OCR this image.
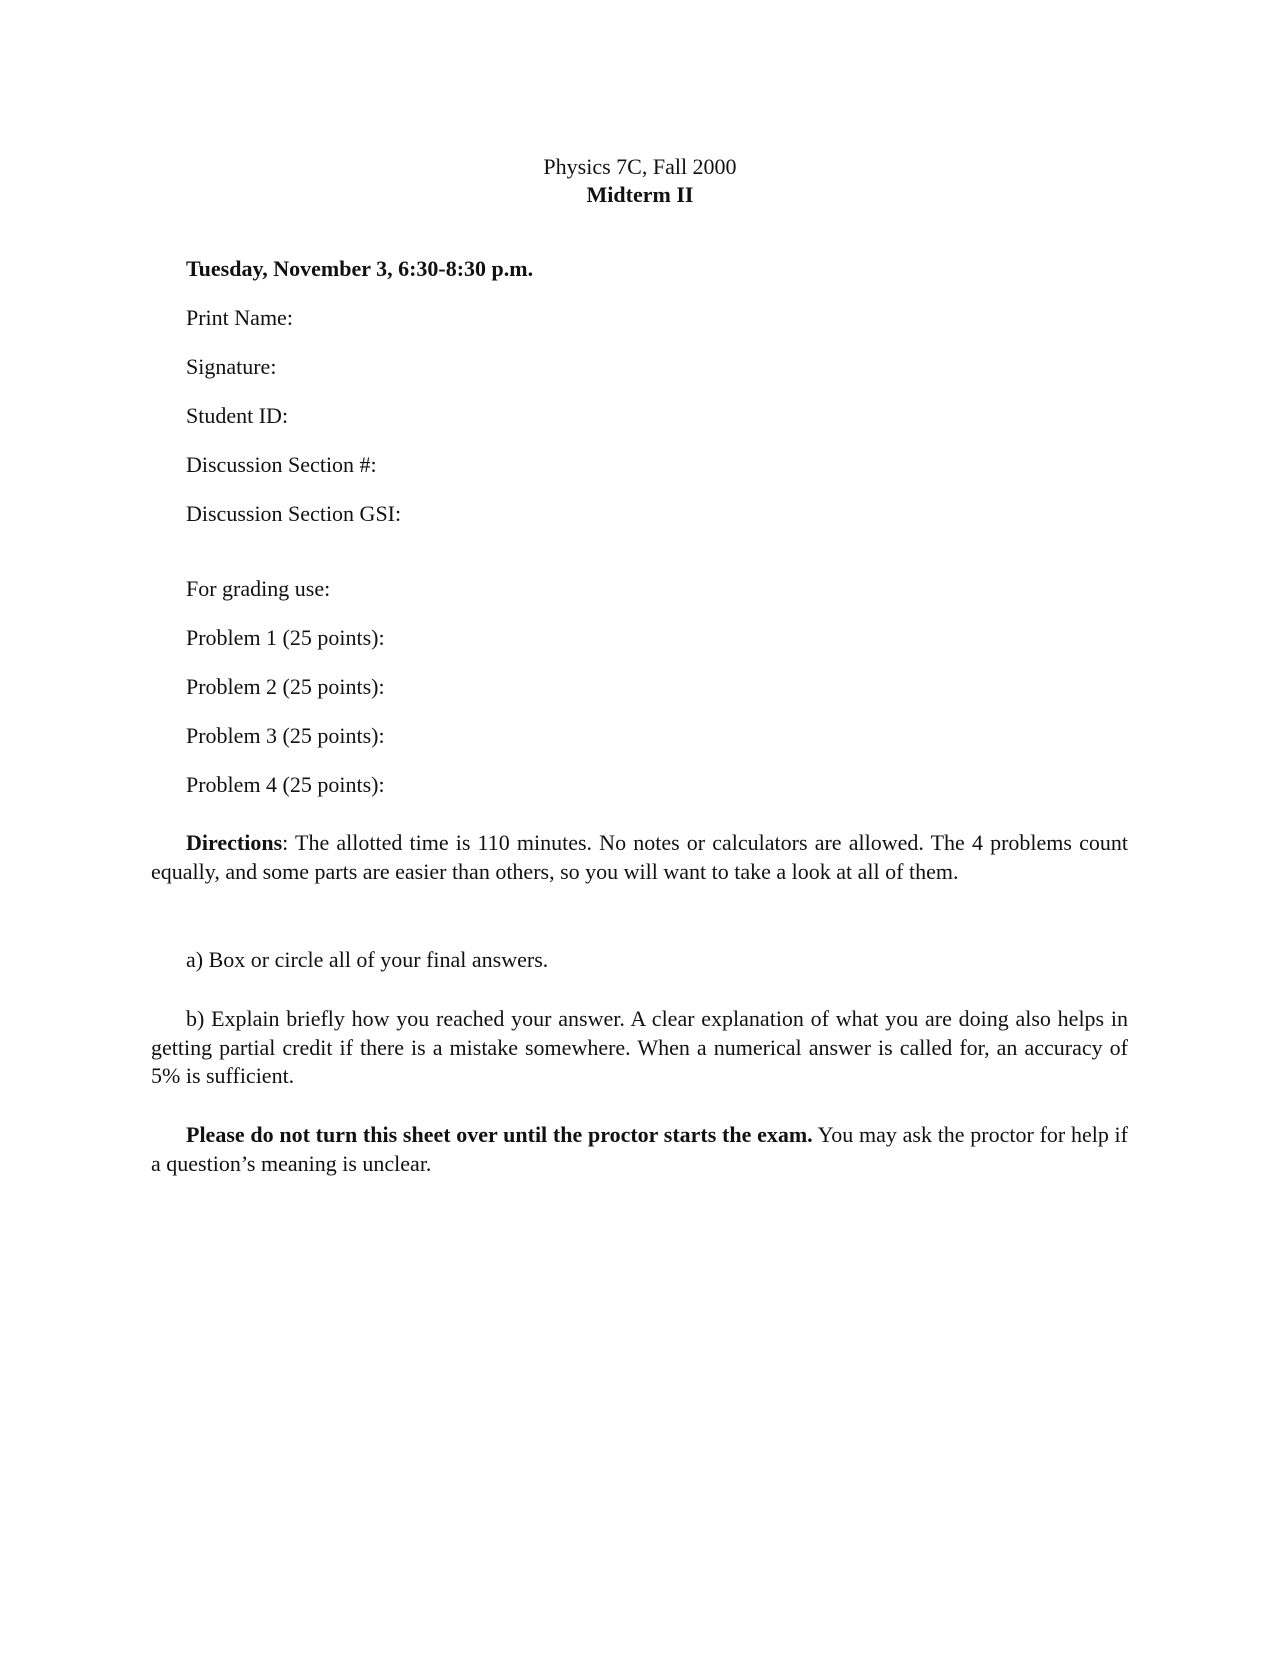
Physics 7C, Fall 2000
Midterm II
Tuesday, November 3, 6:30-8:30 p.m.
Print Name:
Signature:
Student ID:
Discussion Section #:
Discussion Section GSI:
For grading use:
Problem 1 (25 points):
Problem 2 (25 points):
Problem 3 (25 points):
Problem 4 (25 points):
Directions: The allotted time is 110 minutes. No notes or calculators are allowed. The 4 problems count equally, and some parts are easier than others, so you will want to take a look at all of them.
a) Box or circle all of your final answers.
b) Explain briefly how you reached your answer. A clear explanation of what you are doing also helps in getting partial credit if there is a mistake somewhere. When a numerical answer is called for, an accuracy of 5% is sufficient.
Please do not turn this sheet over until the proctor starts the exam. You may ask the proctor for help if a question’s meaning is unclear.
